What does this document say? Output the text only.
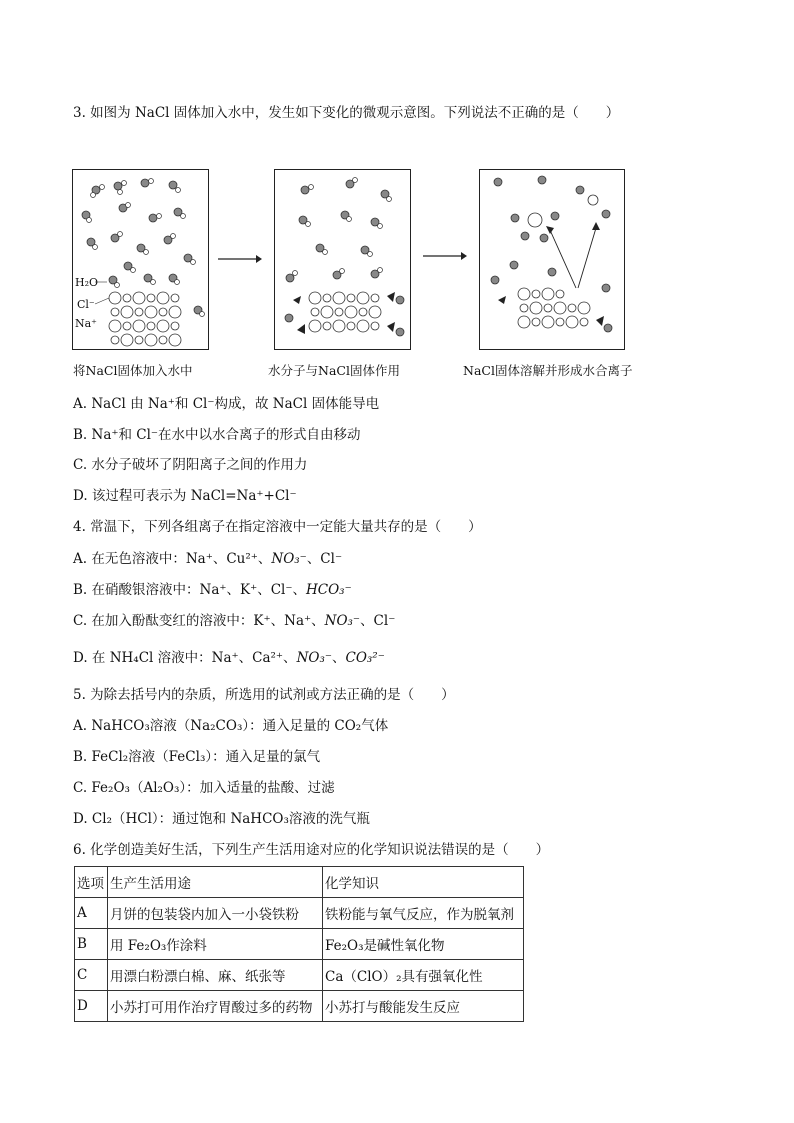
3. 如图为 NaCl 固体加入水中，发生如下变化的微观示意图。下列说法不正确的是（　　）
H₂O
Cl⁻
Na⁺
将NaCl固体加入水中	水分子与NaCl固体作用	NaCl固体溶解并形成水合离子
A. NaCl 由 Na⁺和 Cl⁻构成，故 NaCl 固体能导电
B. Na⁺和 Cl⁻在水中以水合离子的形式自由移动
C. 水分子破坏了阴阳离子之间的作用力
D. 该过程可表示为 NaCl=Na⁺+Cl⁻
4. 常温下，下列各组离子在指定溶液中一定能大量共存的是（　　）
A. 在无色溶液中：Na⁺、Cu²⁺、NO₃⁻、Cl⁻
B. 在硝酸银溶液中：Na⁺、K⁺、Cl⁻、HCO₃⁻
C. 在加入酚酞变红的溶液中：K⁺、Na⁺、NO₃⁻、Cl⁻
D. 在 NH₄Cl 溶液中：Na⁺、Ca²⁺、NO₃⁻、CO₃²⁻
5. 为除去括号内的杂质，所选用的试剂或方法正确的是（　　）
A. NaHCO₃溶液（Na₂CO₃）：通入足量的 CO₂气体
B. FeCl₂溶液（FeCl₃）：通入足量的氯气
C. Fe₂O₃（Al₂O₃）：加入适量的盐酸、过滤
D. Cl₂（HCl）：通过饱和 NaHCO₃溶液的洗气瓶
6. 化学创造美好生活，下列生产生活用途对应的化学知识说法错误的是（　　）
选项	生产生活用途	化学知识
A	月饼的包装袋内加入一小袋铁粉	铁粉能与氧气反应，作为脱氧剂
B	用 Fe₂O₃作涂料	Fe₂O₃是碱性氧化物
C	用漂白粉漂白棉、麻、纸张等	Ca（ClO）₂具有强氧化性
D	小苏打可用作治疗胃酸过多的药物	小苏打与酸能发生反应
